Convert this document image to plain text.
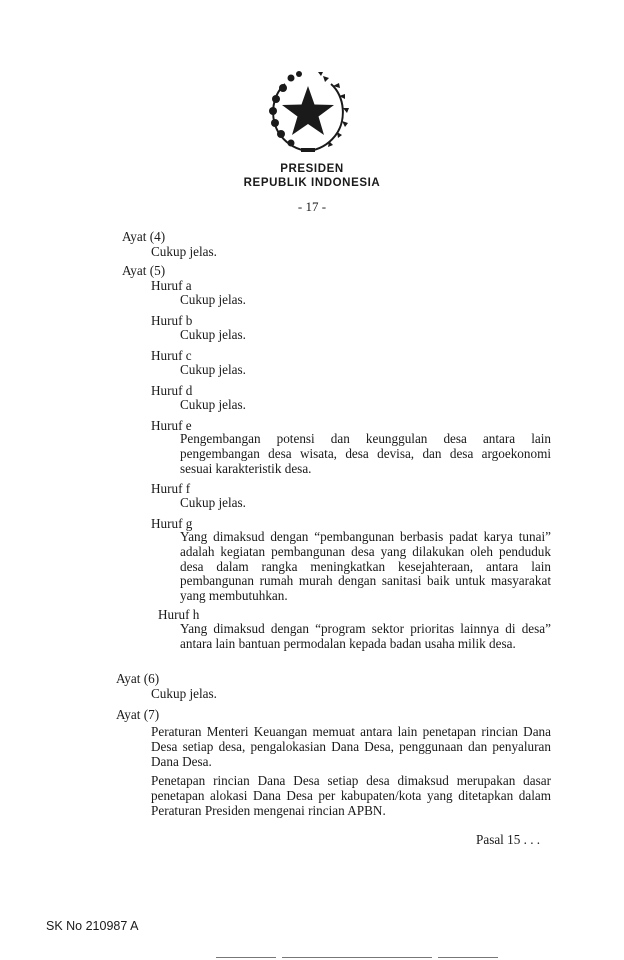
PRESIDEN
REPUBLIK INDONESIA
- 17 -
Ayat (4)
Cukup jelas.
Ayat (5)
Huruf a
Cukup jelas.
Huruf b
Cukup jelas.
Huruf c
Cukup jelas.
Huruf d
Cukup jelas.
Huruf e
Pengembangan potensi dan keunggulan desa antara lain pengembangan desa wisata, desa devisa, dan desa argoekonomi sesuai karakteristik desa.
Huruf f
Cukup jelas.
Huruf g
Yang dimaksud dengan “pembangunan berbasis padat karya tunai” adalah kegiatan pembangunan desa yang dilakukan oleh penduduk desa dalam rangka meningkatkan kesejahteraan, antara lain pembangunan rumah murah dengan sanitasi baik untuk masyarakat yang membutuhkan.
Huruf h
Yang dimaksud dengan “program sektor prioritas lainnya di desa” antara lain bantuan permodalan kepada badan usaha milik desa.
Ayat (6)
Cukup jelas.
Ayat (7)
Peraturan Menteri Keuangan memuat antara lain penetapan rincian Dana Desa setiap desa, pengalokasian Dana Desa, penggunaan dan penyaluran Dana Desa.
Penetapan rincian Dana Desa setiap desa dimaksud merupakan dasar penetapan alokasi Dana Desa per kabupaten/kota yang ditetapkan dalam Peraturan Presiden mengenai rincian APBN.
Pasal 15 . . .
SK No 210987 A
